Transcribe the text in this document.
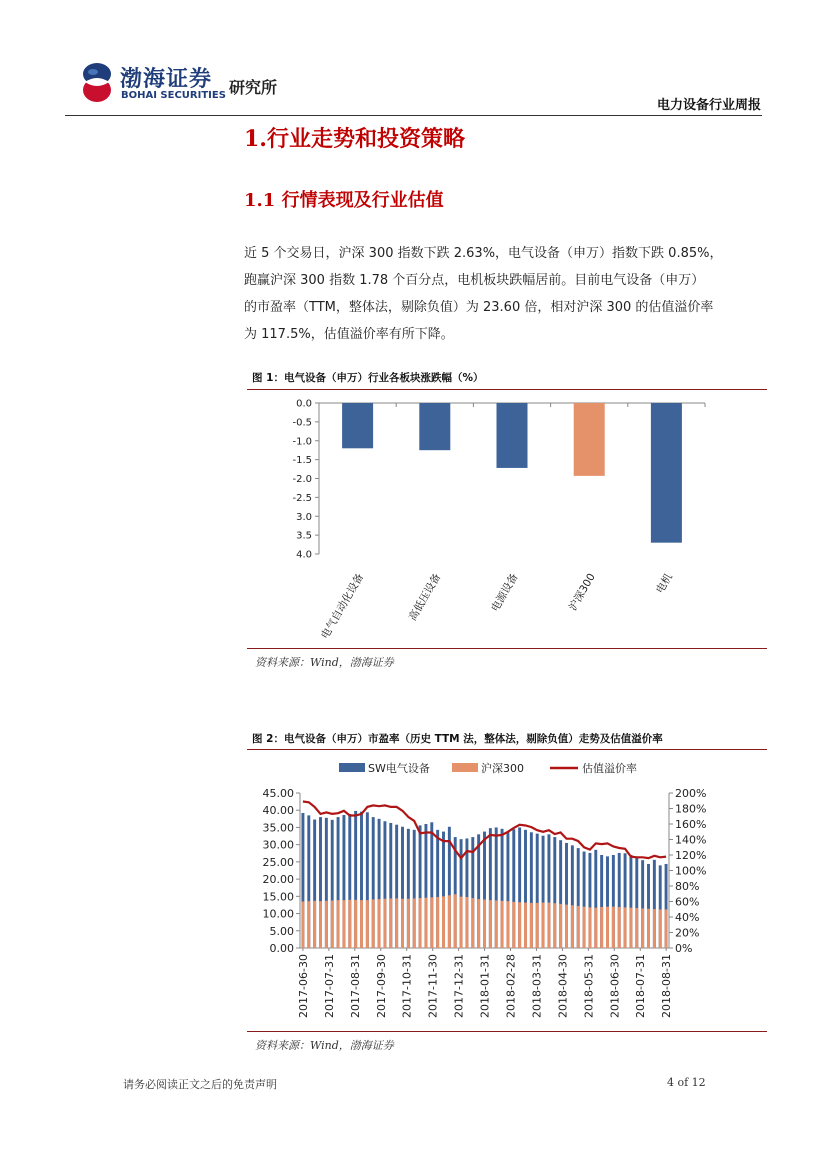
渤海证券
BOHAI SECURITIES 研究所
电力设备行业周报
1.行业走势和投资策略
1.1 行情表现及行业估值
近 5 个交易日，沪深 300 指数下跌 2.63%，电气设备（申万）指数下跌 0.85%，
跑赢沪深 300 指数 1.78 个百分点，电机板块跌幅居前。目前电气设备（申万）
的市盈率（TTM，整体法，剔除负值）为 23.60 倍，相对沪深 300 的估值溢价率
为 117.5%，估值溢价率有所下降。
图 1：电气设备（申万）行业各板块涨跌幅（%）
0.0
-0.5
-1.0
-1.5
-2.0
-2.5
3.0
3.5
4.0
电气自动化设备	高低压设备	电源设备	沪深300	电机
资料来源：Wind，渤海证券
图 2：电气设备（申万）市盈率（历史 TTM 法，整体法，剔除负值）走势及估值溢价率
SW电气设备	沪深300	估值溢价率
0.00
5.00
10.00
15.00
20.00
25.00
30.00
35.00
40.00
45.00
0%
20%
40%
60%
80%
100%
120%
140%
160%
180%
200%
2017-06-30 2017-07-31 2017-08-31 2017-09-30 2017-10-31 2017-11-30 2017-12-31 2018-01-31 2018-02-28 2018-03-31 2018-04-30 2018-05-31 2018-06-30 2018-07-31 2018-08-31
资料来源：Wind，渤海证券
请务必阅读正文之后的免责声明	4 of 12
